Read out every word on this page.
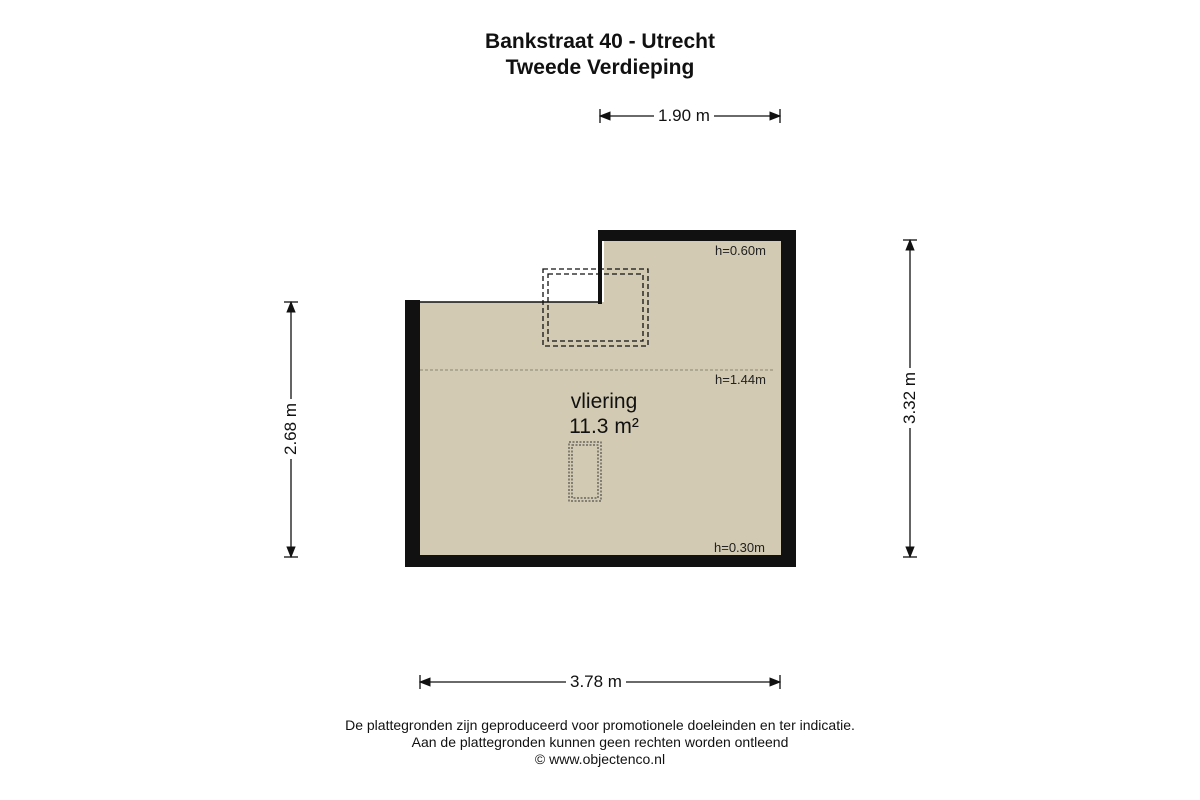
Bankstraat 40 - Utrecht
Tweede Verdieping
1.90 m
3.78 m
2.68 m
3.32 m
h=0.60m
h=1.44m
h=0.30m
vliering
11.3 m²
De plattegronden zijn geproduceerd voor promotionele doeleinden en ter indicatie.
Aan de plattegronden kunnen geen rechten worden ontleend
© www.objectenco.nl
